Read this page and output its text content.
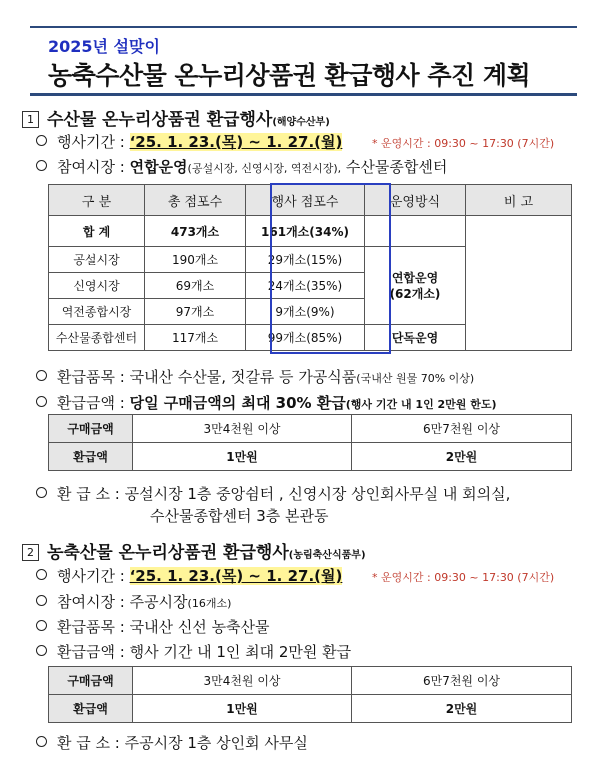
2025년 설맞이
농축수산물 온누리상품권 환급행사 추진 계획
1 수산물 온누리상품권 환급행사(해양수산부)
행사기간 : ‘25. 1. 23.(목) ~ 1. 27.(월)	* 운영시간 : 09:30 ~ 17:30 (7시간)
참여시장 : 연합운영(공설시장, 신영시장, 역전시장), 수산물종합센터
구 분	총 점포수	행사 점포수	운영방식	비 고
합 계	473개소	161개소(34%)		
공설시장	190개소	29개소(15%)	연합운영
(62개소)	
신영시장	69개소	24개소(35%)		
역전종합시장	97개소	9개소(9%)		
수산물종합센터	117개소	99개소(85%)	단독운영	
환급품목 : 국내산 수산물, 젓갈류 등 가공식품(국내산 원물 70% 이상)
환급금액 : 당일 구매금액의 최대 30% 환급(행사 기간 내 1인 2만원 한도)
구매금액	3만4천원 이상	6만7천원 이상
환급액	1만원	2만원
환 급 소 : 공설시장 1층 중앙쉼터 , 신영시장 상인회사무실 내 회의실,
수산물종합센터 3층 본관동
2 농축산물 온누리상품권 환급행사(농림축산식품부)
행사기간 : ‘25. 1. 23.(목) ~ 1. 27.(월)	* 운영시간 : 09:30 ~ 17:30 (7시간)
참여시장 : 주공시장(16개소)
환급품목 : 국내산 신선 농축산물
환급금액 : 행사 기간 내 1인 최대 2만원 환급
구매금액	3만4천원 이상	6만7천원 이상
환급액	1만원	2만원
환 급 소 : 주공시장 1층 상인회 사무실
